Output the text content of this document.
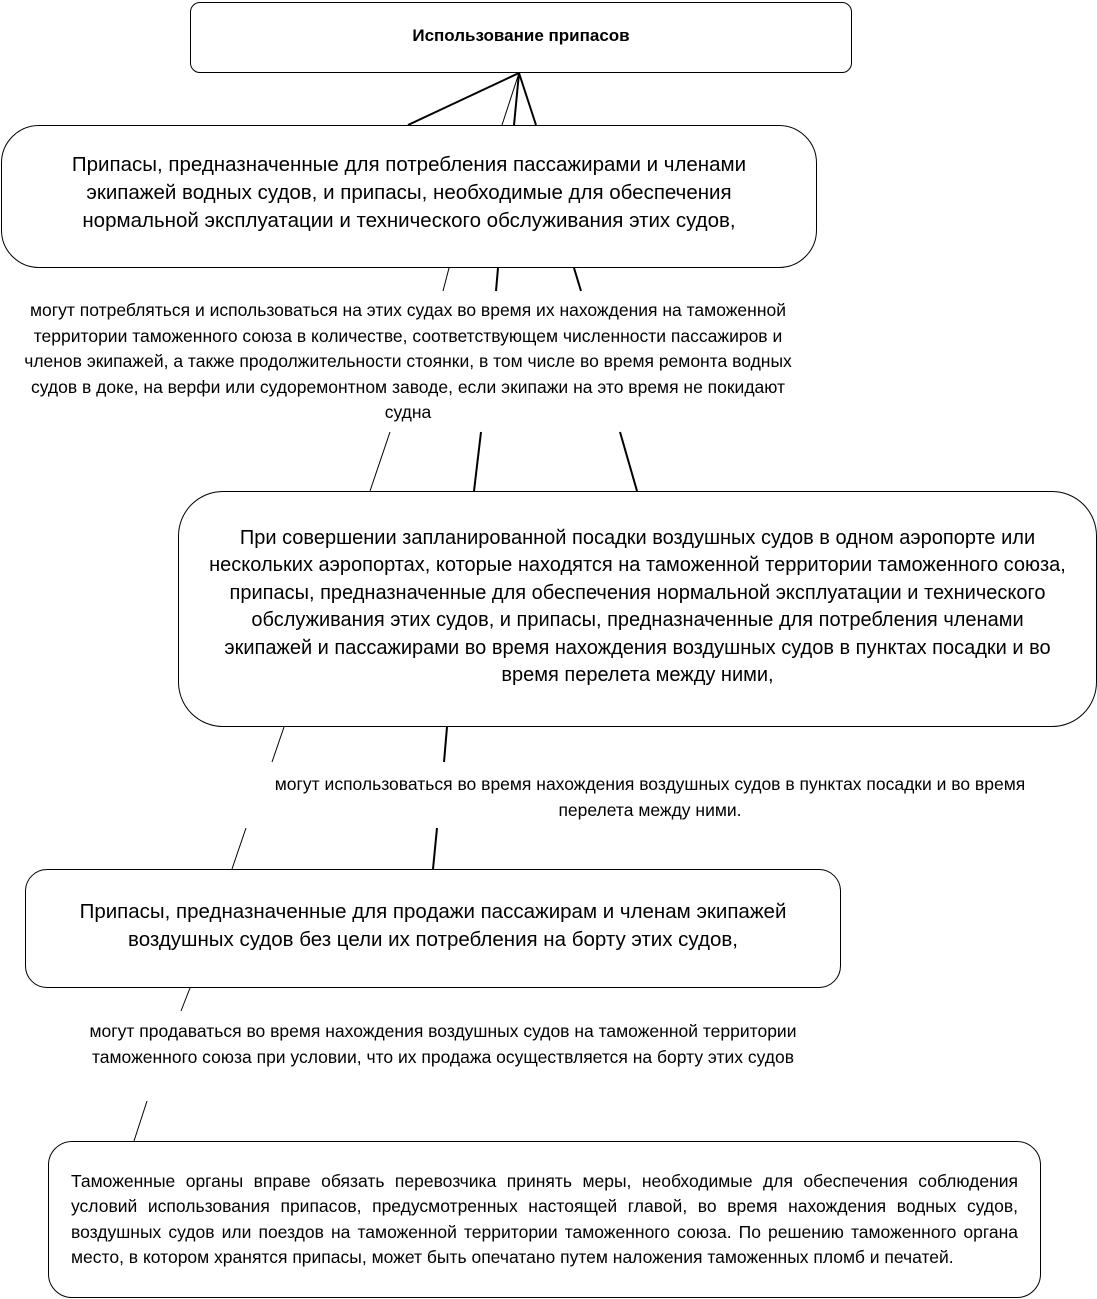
Использование припасов
Припасы, предназначенные для потребления пассажирами и членами экипажей водных судов, и припасы, необходимые для обеспечения нормальной эксплуатации и технического обслуживания этих судов,
могут потребляться и использоваться на этих судах во время их нахождения на таможенной территории таможенного союза в количестве, соответствующем численности пассажиров и членов экипажей, а также продолжительности стоянки, в том числе во время ремонта водных судов в доке, на верфи или судоремонтном заводе, если экипажи на это время не покидают судна
При совершении запланированной посадки воздушных судов в одном аэропорте или нескольких аэропортах, которые находятся на таможенной территории таможенного союза, припасы, предназначенные для обеспечения нормальной эксплуатации и технического обслуживания этих судов, и припасы, предназначенные для потребления членами экипажей и пассажирами во время нахождения воздушных судов в пунктах посадки и во время перелета между ними,
могут использоваться во время нахождения воздушных судов в пунктах посадки и во время перелета между ними.
Припасы, предназначенные для продажи пассажирам и членам экипажей воздушных судов без цели их потребления на борту этих судов,
могут продаваться во время нахождения воздушных судов на таможенной территории таможенного союза при условии, что их продажа осуществляется на борту этих судов
Таможенные органы вправе обязать перевозчика принять меры, необходимые для обеспечения соблюдения условий использования припасов, предусмотренных настоящей главой, во время нахождения водных судов, воздушных судов или поездов на таможенной территории таможенного союза. По решению таможенного органа место, в котором хранятся припасы, может быть опечатано путем наложения таможенных пломб и печатей.
